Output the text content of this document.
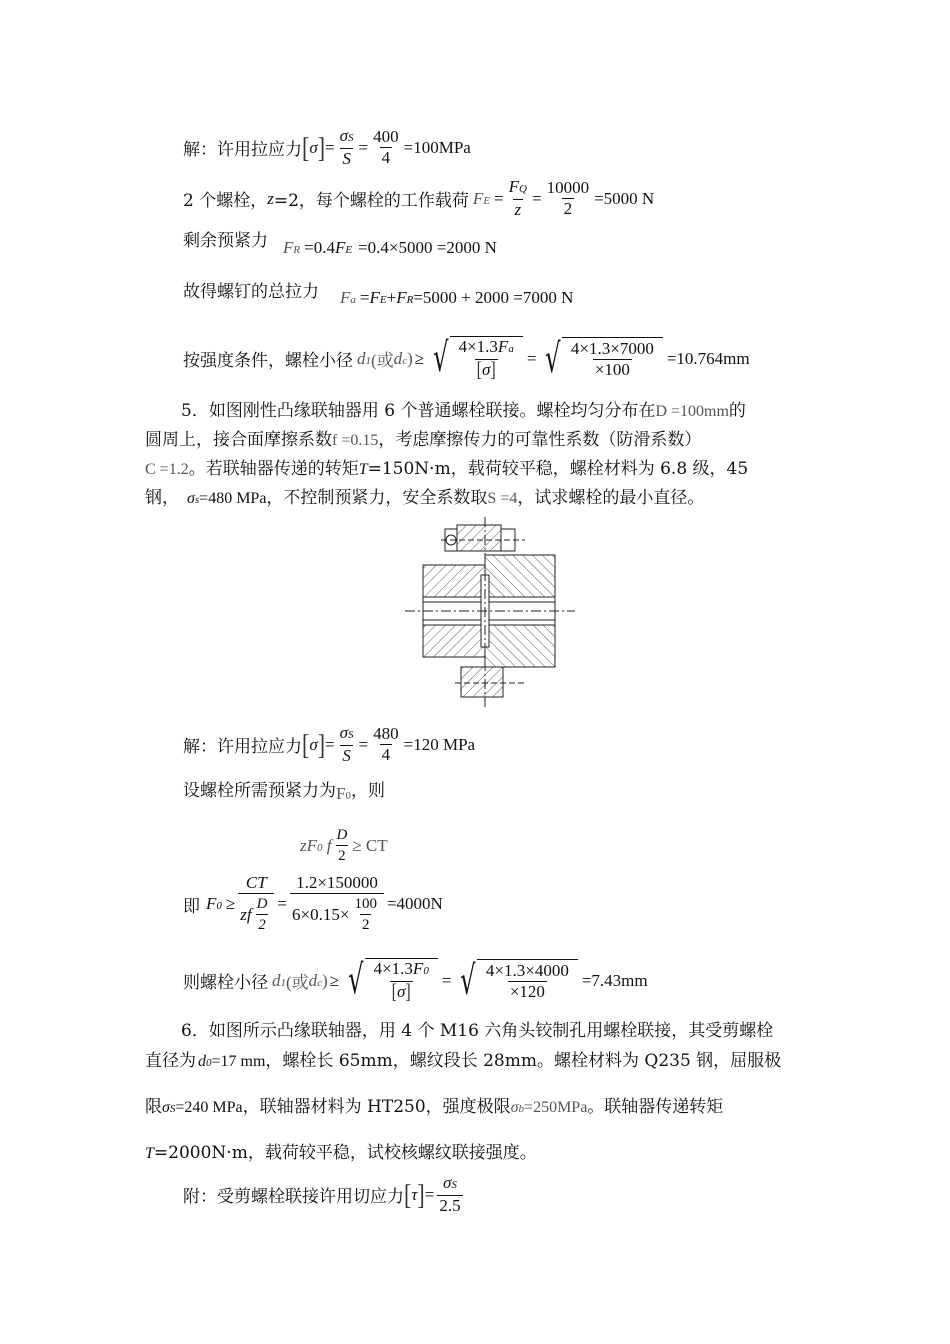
解：许用拉应力 [ σ ] = $\frac{\sigma S}{S} = \frac{400}{4} =100MPa$
2 个螺栓， z =2，每个螺栓的工作载荷 FE = $\frac{FQ}{z} = \frac{10000}{2} =5000$ N
剩余预紧力 FR =0.4 FE =0.4×5000 =2000 N
故得螺钉的总拉力 Fa = FE + FR =5000 + 2000 =7000 N
按强度条件，螺栓小径 d1 (或 dc ) ≥ √ $\frac{4\times 1.3Fa}{[\sigma]}$ = √ $\frac{4\times 1.3\times 7000}{\times 100} =10.764mm$
5．如图刚性凸缘联轴器用 6 个普通螺栓联接。螺栓均匀分布在D =100mm的
圆周上，接合面摩擦系数f =0.15，考虑摩擦传力的可靠性系数（防滑系数）
C =1.2。若联轴器传递的转矩T=150N·m，载荷较平稳，螺栓材料为 6.8 级，45
钢， σs=480 MPa，不控制预紧力，安全系数取S =4，试求螺栓的最小直径。
解：许用拉应力 [ σ ] = $\frac{\sigma S}{S} = \frac{480}{4} =120$ MPa
设螺栓所需预紧力为 F0 ，则
zF0 f $\frac{D}{2}$ ≥ CT
即 $F0 \ge \frac{CT}{zf \frac{D}{2}} = \frac{1.2\times 150000}{6\times 0.15\times \frac{100}{2}} =4000N$
则螺栓小径 d1 (或 dc ) ≥ √ $\frac{4\times 1.3F0}{[\sigma]}$ = √ $\frac{4\times 1.3\times 4000}{\times 120} =7.43mm$
6．如图所示凸缘联轴器，用 4 个 M16 六角头铰制孔用螺栓联接，其受剪螺栓
直径为 d0=17 mm，螺栓长 65mm，螺纹段长 28mm。螺栓材料为 Q235 钢，屈服极
限σS=240 MPa，联轴器材料为 HT250，强度极限σb=250MPa。联轴器传递转矩
T=2000N·m，载荷较平稳，试校核螺纹联接强度。
附：受剪螺栓联接许用切应力 [ τ ] = $\frac{\sigma S}{2.5}$
